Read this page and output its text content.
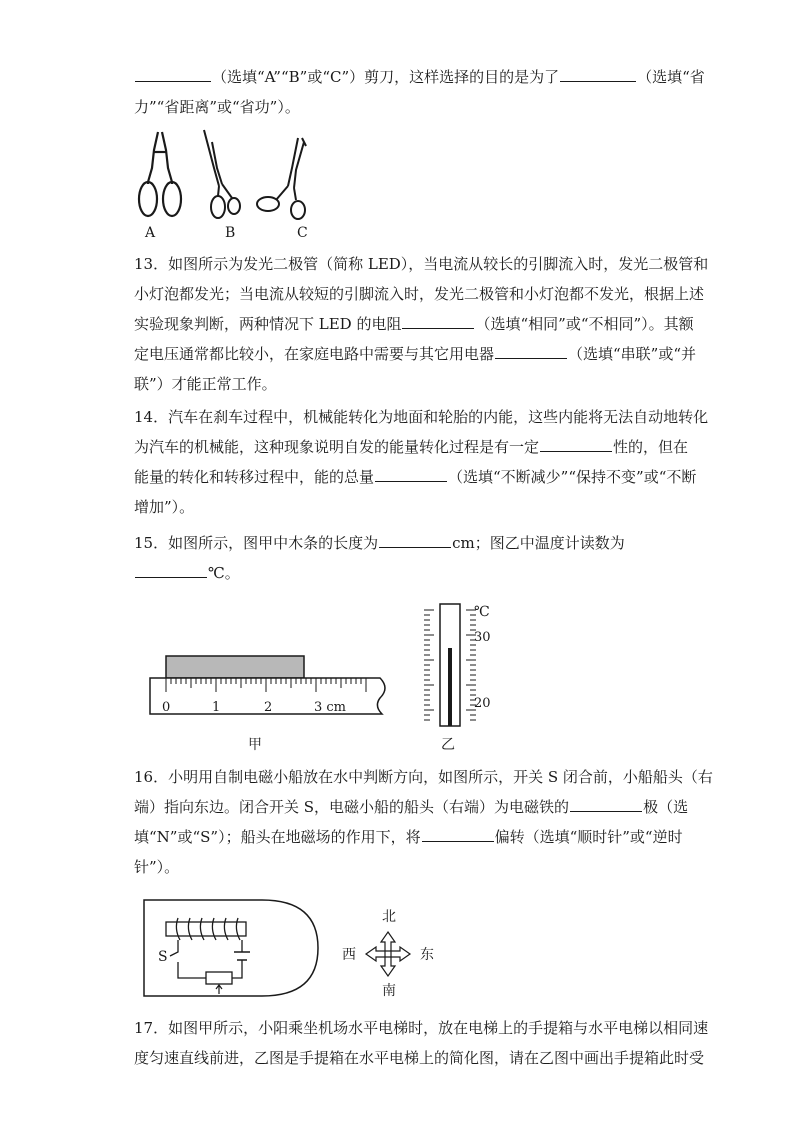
（选填“A”“B”或“C”）剪刀，这样选择的目的是为了	（选填“省
力”“省距离”或“省功”）。
A	B	C
13．如图所示为发光二极管（简称 LED），当电流从较长的引脚流入时，发光二极管和
小灯泡都发光；当电流从较短的引脚流入时，发光二极管和小灯泡都不发光，根据上述
实验现象判断，两种情况下 LED 的电阻	（选填“相同”或“不相同”）。其额
定电压通常都比较小，在家庭电路中需要与其它用电器	（选填“串联”或“并
联”）才能正常工作。
14．汽车在刹车过程中，机械能转化为地面和轮胎的内能，这些内能将无法自动地转化
为汽车的机械能，这种现象说明自发的能量转化过程是有一定	性的，但在
能量的转化和转移过程中，能的总量	（选填“不断减少”“保持不变”或“不断
增加”）。
15．如图所示，图甲中木条的长度为	cm；图乙中温度计读数为
℃。
0	1	2	3 cm
甲
℃
30
20
乙
16．小明用自制电磁小船放在水中判断方向，如图所示，开关 S 闭合前，小船船头（右
端）指向东边。闭合开关 S，电磁小船的船头（右端）为电磁铁的	极（选
填“N”或“S”）；船头在地磁场的作用下，将	偏转（选填“顺时针”或“逆时
针”）。
S
北
南
西	东
17．如图甲所示，小阳乘坐机场水平电梯时，放在电梯上的手提箱与水平电梯以相同速
度匀速直线前进，乙图是手提箱在水平电梯上的简化图，请在乙图中画出手提箱此时受
